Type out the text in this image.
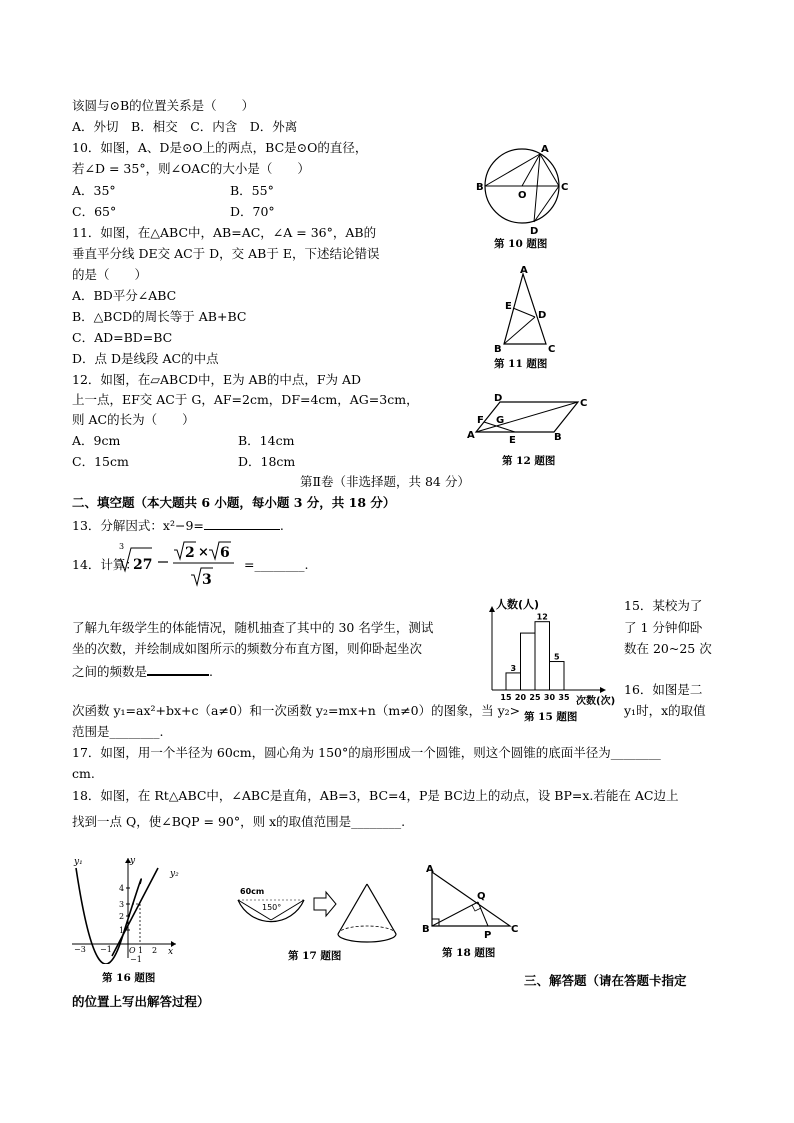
该圆与⊙B的位置关系是（　　）
A．外切　B．相交　C．内含　D．外离
10．如图，A、D是⊙O上的两点，BC是⊙O的直径，
若∠D = 35°，则∠OAC的大小是（　　）
A．35°	B．55°
C．65°	D．70°
A
B	C
O
D
第 10 题图
11．如图，在△ABC中，AB=AC，∠A = 36°，AB的
垂直平分线 DE交 AC于 D，交 AB于 E，下述结论错误
的是（　　）
A．BD平分∠ABC
B．△BCD的周长等于 AB+BC
C．AD=BD=BC
D．点 D是线段 AC的中点
A
E
D
B	C
第 11 题图
12．如图，在▱ABCD中，E为 AB的中点，F为 AD
上一点，EF交 AC于 G，AF=2cm，DF=4cm，AG=3cm，
则 AC的长为（　　）
A．9cm	B．14cm
C．15cm	D．18cm
D	C
F G
A	E	B
第 12 题图
第Ⅱ卷（非选择题，共 84 分）
二、填空题（本大题共 6 小题，每小题 3 分，共 18 分）
13．分解因式：x²−9=	.
14．计算：
3
27
2 × 6
3
=________.
15．某校为了
了解九年级学生的体能情况，随机抽查了其中的 30 名学生，测试	了 1 分钟仰卧
坐的次数，并绘制成如图所示的频数分布直方图，则仰卧起坐次	数在 20~25 次
之间的频数是	.
人数(人)
次数(次)
3
12
5
15 20 25 30 35
第 15 题图
16．如图是二
次函数 y₁=ax²+bx+c（a≠0）和一次函数 y₂=mx+n（m≠0）的图象，当 y₂>	y₁时，x的取值
范围是________.
17．如图，用一个半径为 60cm，圆心角为 150°的扇形围成一个圆锥，则这个圆锥的底面半径为________
cm.
18．如图，在 Rt△ABC中，∠ABC是直角，AB=3，BC=4，P是 BC边上的动点，设 BP=x.若能在 AC边上
找到一点 Q，使∠BQP = 90°，则 x的取值范围是________.
y₁
y₂
y
x
4
3
2
1
−3 −1 O 1 2
−1
第 16 题图
60cm
150°
第 17 题图
A
Q
B
P
C
第 18 题图
三、解答题（请在答题卡指定
的位置上写出解答过程）
